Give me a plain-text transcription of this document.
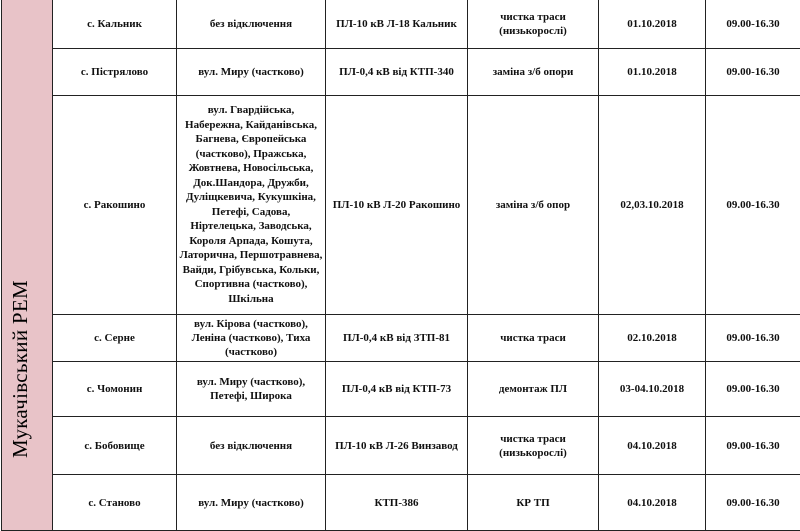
Мукачівський РЕМ	с. Кальник	без відключення	ПЛ-10 кВ Л-18 Кальник	чистка траси (низькорослі)	01.10.2018	09.00-16.30
	с. Пістрялово	вул. Миру (частково)	ПЛ-0,4 кВ від КТП-340	заміна з/б опори	01.10.2018	09.00-16.30
	с. Ракошино	вул. Гвардійська, Набережна, Кайданівська, Багнева, Європейська (частково), Пражська, Жовтнева, Новосільська, Док.Шандора, Дружби, Дуліщкевича, Кукушкіна, Петефі, Садова, Ніртелецька, Заводська, Короля Арпада, Кошута, Латорична, Першотравнева, Вайди, Грібувська, Кольки, Спортивна (частково), Шкільна	ПЛ-10 кВ Л-20 Ракошино	заміна з/б опор	02,03.10.2018	09.00-16.30
	с. Серне	вул. Кірова (частково), Леніна (частково), Тиха (частково)	ПЛ-0,4 кВ від ЗТП-81	чистка траси	02.10.2018	09.00-16.30
	с. Чомонин	вул. Миру (частково), Петефі, Широка	ПЛ-0,4 кВ від КТП-73	демонтаж ПЛ	03-04.10.2018	09.00-16.30
	с. Бобовище	без відключення	ПЛ-10 кВ Л-26 Винзавод	чистка траси (низькорослі)	04.10.2018	09.00-16.30
	с. Становo	вул. Миру (частково)	КТП-386	КР ТП	04.10.2018	09.00-16.30
